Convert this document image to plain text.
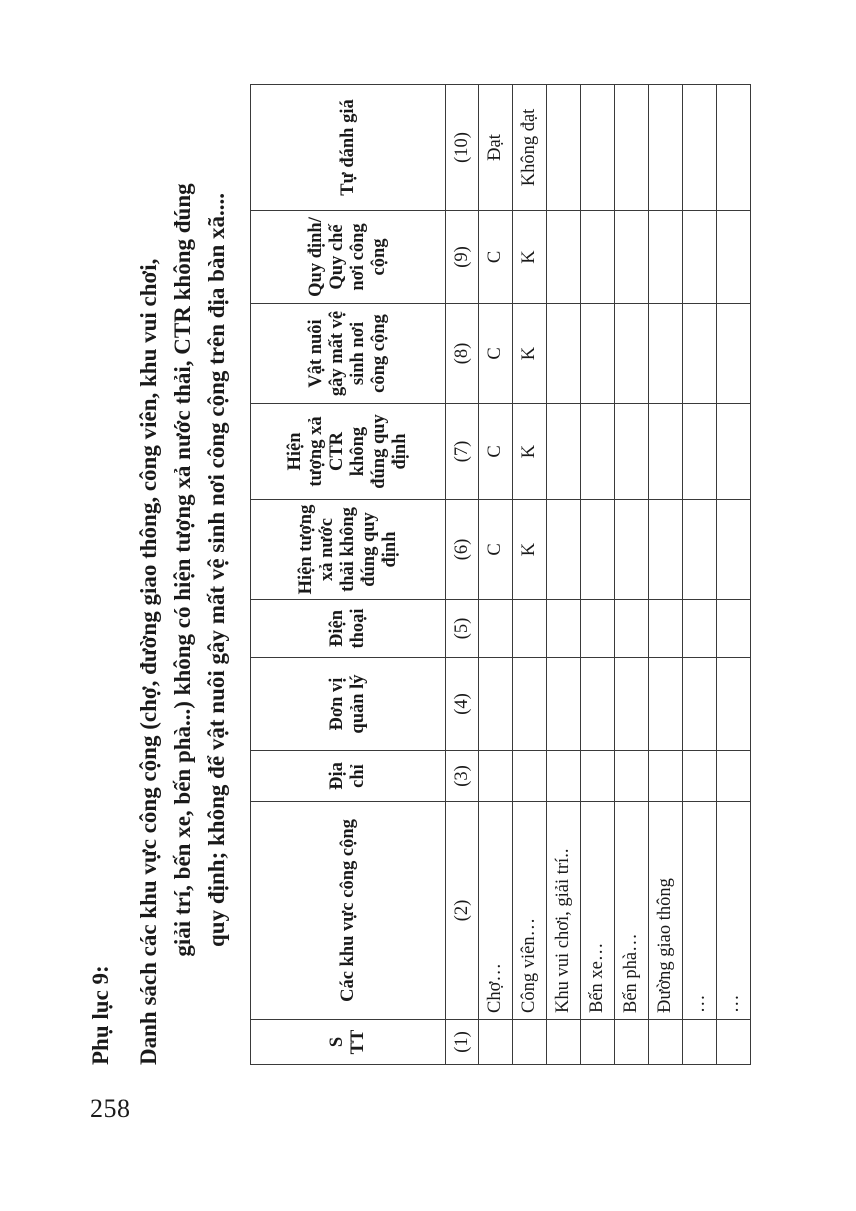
258
Phụ lục 9: Danh sách các khu vực công cộng (chợ, đường giao thông, công viên, khu vui chơi, giải trí, bến xe, bến phà...) không có hiện tượng xả nước thải, CTR không đúng quy định; không để vật nuôi gây mất vệ sinh nơi công cộng trên địa bàn xã....
S TT	Các khu vực công cộng	Địa chỉ	Đơn vị quản lý	Điện thoại	Hiện tượng xả nước thải không đúng quy định	Hiện tượng xả CTR không đúng quy định	Vật nuôi gây mất vệ sinh nơi công cộng	Quy định/ Quy chế nơi công cộng	Tự đánh giá
(1)	(2)	(3)	(4)	(5)	(6)	(7)	(8)	(9)	(10)
	Chợ…				C	C	C	C	Đạt
	Công viên…				K	K	K	K	Không đạt
	Khu vui chơi, giải trí..								
	Bến xe…								
	Bến phà…								
	Đường giao thông								
	…								
	…								
